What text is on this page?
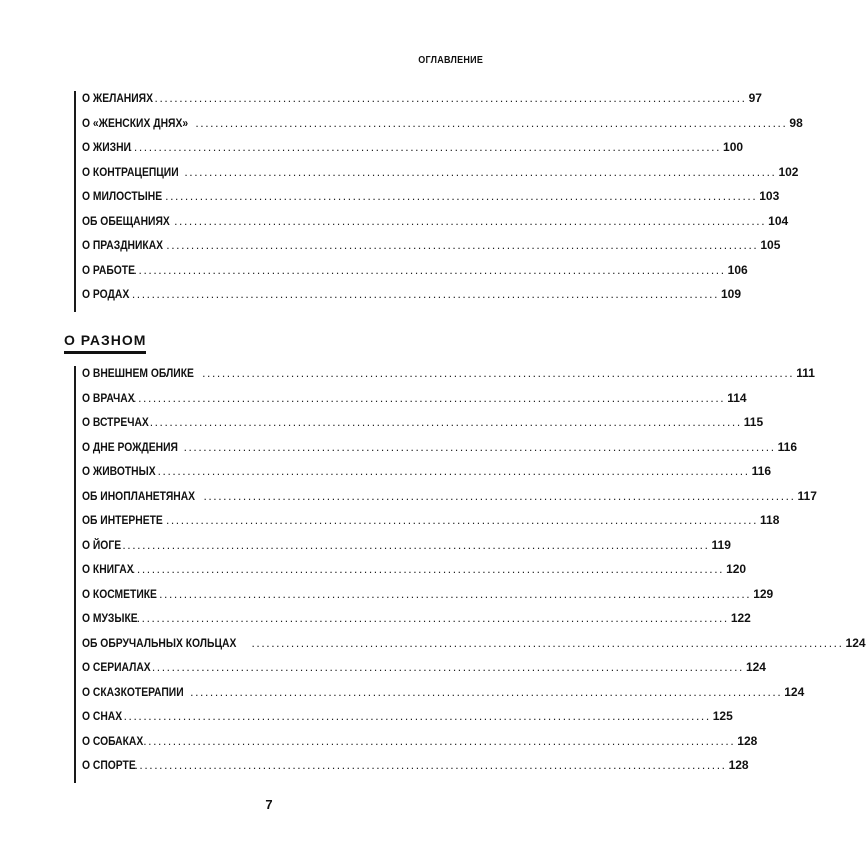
ОГЛАВЛЕНИЕ
О ЖЕЛАНИЯХ ........................................................................................................................ 97
О «ЖЕНСКИХ ДНЯХ» ........................................................................................................................ 98
О ЖИЗНИ
........................................................................................................................ 100
О КОНТРАЦЕПЦИИ ........................................................................................................................ 102
О МИЛОСТЫНЕ ........................................................................................................................ 103
ОБ ОБЕЩАНИЯХ ........................................................................................................................ 104
О ПРАЗДНИКАХ ........................................................................................................................ 105
О РАБОТЕ
........................................................................................................................ 106
О РОДАХ
........................................................................................................................ 109
О РАЗНОМ
О ВНЕШНЕМ ОБЛИКЕ ........................................................................................................................ 111
О ВРАЧАХ
........................................................................................................................ 114
О ВСТРЕЧАХ ........................................................................................................................ 115
О ДНЕ РОЖДЕНИЯ ........................................................................................................................ 116
О ЖИВОТНЫХ ........................................................................................................................ 116
ОБ ИНОПЛАНЕТЯНАХ ........................................................................................................................ 117
ОБ ИНТЕРНЕТЕ ........................................................................................................................ 118
О ЙОГЕ
........................................................................................................................ 119
О КНИГАХ
........................................................................................................................ 120
О КОСМЕТИКЕ ........................................................................................................................ 129
О МУЗЫКЕ ........................................................................................................................ 122
ОБ ОБРУЧАЛЬНЫХ КОЛЬЦАХ ........................................................................................................................ 124
О СЕРИАЛАХ ........................................................................................................................ 124
О СКАЗКОТЕРАПИИ ........................................................................................................................ 124
О СНАХ
........................................................................................................................ 125
О СОБАКАХ ........................................................................................................................ 128
О СПОРТЕ
........................................................................................................................ 128
7
